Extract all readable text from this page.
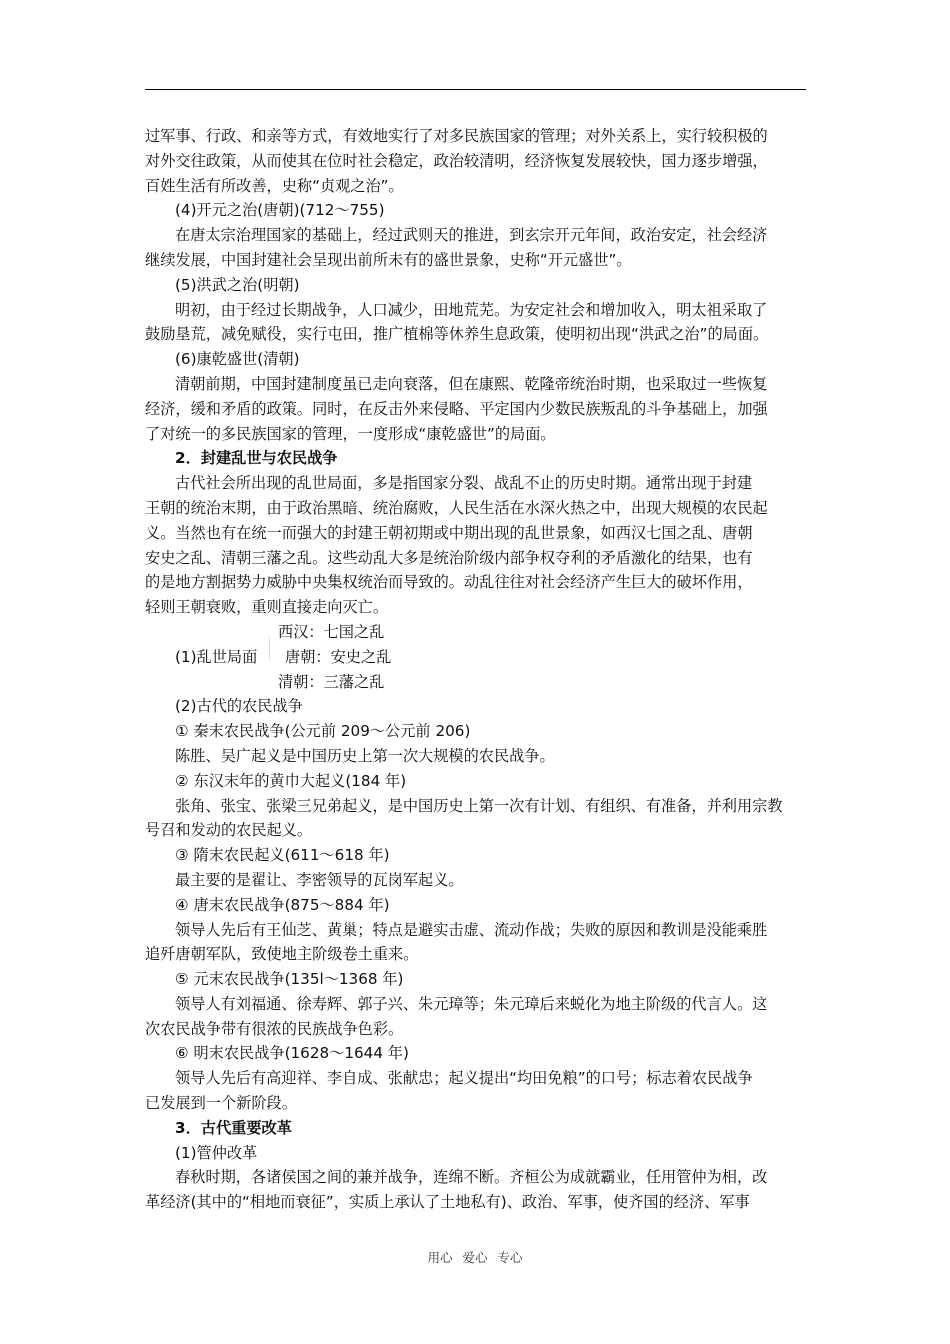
过军事、行政、和亲等方式，有效地实行了对多民族国家的管理；对外关系上，实行较积极的
对外交往政策，从而使其在位时社会稳定，政治较清明，经济恢复发展较快，国力逐步增强，
百姓生活有所改善，史称“贞观之治”。
(4)开元之治(唐朝)(712～755)
在唐太宗治理国家的基础上，经过武则天的推进，到玄宗开元年间，政治安定，社会经济
继续发展，中国封建社会呈现出前所未有的盛世景象，史称“开元盛世”。
(5)洪武之治(明朝)
明初，由于经过长期战争，人口减少，田地荒芜。为安定社会和增加收入，明太祖采取了
鼓励垦荒，减免赋役，实行屯田，推广植棉等休养生息政策，使明初出现“洪武之治”的局面。
(6)康乾盛世(清朝)
清朝前期，中国封建制度虽已走向衰落，但在康熙、乾隆帝统治时期，也采取过一些恢复
经济，缓和矛盾的政策。同时，在反击外来侵略、平定国内少数民族叛乱的斗争基础上，加强
了对统一的多民族国家的管理，一度形成“康乾盛世”的局面。
2．封建乱世与农民战争
古代社会所出现的乱世局面，多是指国家分裂、战乱不止的历史时期。通常出现于封建
王朝的统治末期，由于政治黑暗、统治腐败，人民生活在水深火热之中，出现大规模的农民起
义。当然也有在统一而强大的封建王朝初期或中期出现的乱世景象，如西汉七国之乱、唐朝
安史之乱、清朝三藩之乱。这些动乱大多是统治阶级内部争权夺利的矛盾激化的结果，也有
的是地方割据势力威胁中央集权统治而导致的。动乱往往对社会经济产生巨大的破坏作用，
轻则王朝衰败，重则直接走向灭亡。
(1)乱世局面
西汉：七国之乱
唐朝：安史之乱
清朝：三藩之乱
(2)古代的农民战争
① 秦末农民战争(公元前 209～公元前 206)
陈胜、吴广起义是中国历史上第一次大规模的农民战争。
② 东汉末年的黄巾大起义(184 年)
张角、张宝、张梁三兄弟起义，是中国历史上第一次有计划、有组织、有准备，并利用宗教
号召和发动的农民起义。
③ 隋末农民起义(611～618 年)
最主要的是翟让、李密领导的瓦岗军起义。
④ 唐末农民战争(875～884 年)
领导人先后有王仙芝、黄巢；特点是避实击虚、流动作战；失败的原因和教训是没能乘胜
追歼唐朝军队，致使地主阶级卷土重来。
⑤ 元末农民战争(135l～1368 年)
领导人有刘福通、徐寿辉、郭子兴、朱元璋等；朱元璋后来蜕化为地主阶级的代言人。这
次农民战争带有很浓的民族战争色彩。
⑥ 明末农民战争(1628～1644 年)
领导人先后有高迎祥、李自成、张献忠；起义提出“均田免粮”的口号；标志着农民战争
已发展到一个新阶段。
3．古代重要改革
(1)管仲改革
春秋时期，各诸侯国之间的兼并战争，连绵不断。齐桓公为成就霸业，任用管仲为相，改
革经济(其中的“相地而衰征”，实质上承认了土地私有)、政治、军事，使齐国的经济、军事
用心 爱心 专心
